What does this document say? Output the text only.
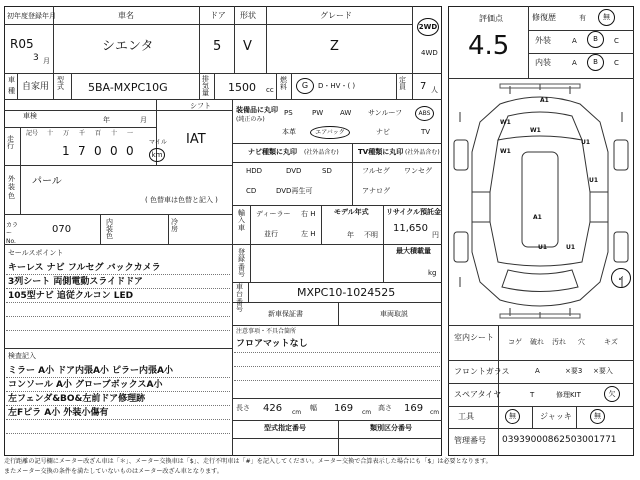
初年度登録年月
R05
3 月
車名
シエンタ
ドア
5
形状
V
グレード
Z
2WD
4WD
車
種 自家用
型式 5BA-MXPC10G
排気量 1500 cc
燃料	G	D・HV・( )
定員 7 人
車検	年	月
シフト
IAT
走行
記号 十 万 千 百 十 一
1 7 0 0 0
マイル
km
外装色
パール
( 色替車は色替と記入 )
カラーNo.
070
内装色
冷房
セールスポイント
キーレス ナビ フルセグ バックカメラ
3列シート 両側電動スライドドア
105型ナビ 追従クルコン LED
検査記入
ミラー A小 ドア内張A小 ピラー内張A小
コンソール A小 グローブボックスA小
左フェンダ&BO&左前ドア修理跡
左Fピラ A小 外装小傷有
装備品に丸印
(純正のみ)
PS	PW AW サンルーフ	ABS
本革	エアバック	ナビ	TV
ナビ種類に丸印 (社外品含む)	TV種類に丸印 (社外品含む)
HDD	DVD	SD
CD	DVD再生可
フルセグ ワンセグ
アナログ
輸入車
ディーラー
並行
右 H
左 H
モデル年式
年 不明
リサイクル預託金
11,650
円
登録番号
最大積載量
kg
車台番号
MXPC10-1024525
新車保証書	車両取説
注意事項・不具合箇所
フロアマットなし
長さ 426 cm
幅 169 cm
高さ 169 cm
型式指定番号	類別区分番号
評価点
4.5
修復歴	有	無
外装	A	B	C
内装	A	B	C
A1
W1
W1
W1
U1
U1
A1
U1	U1
↙
室内シート コゲ 破れ 汚れ 穴	キズ
フロントガラス	A	×要3 ×要入
スペアタイヤ	T	修理KIT	欠
工具	無	ジャッキ	無
管理番号 03939000862503001771
走行距離の記号欄にメーター改ざん車は「＊」、メーター交換車は「$」、走行不明車は「#」を記入してください。メーター交換で合算表示した場合にも「$」は必要となります。
またメーター交換の条件を満たしていないものはメーター改ざん車となります。
